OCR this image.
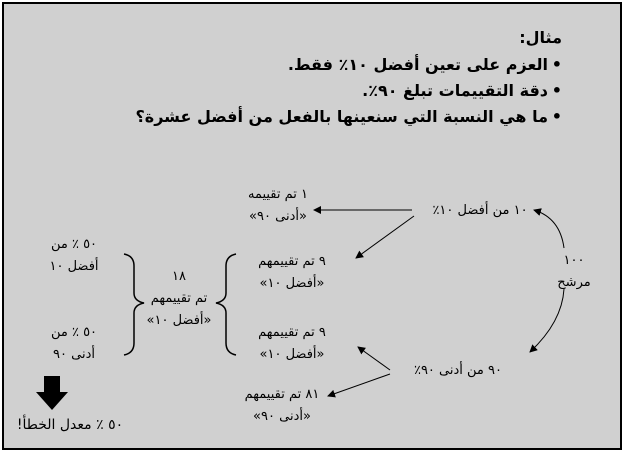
مثال:
•العزم على تعين أفضل ١٠٪ فقط.
•دقة التقييمات تبلغ ٩٠٪.
•ما هي النسبة التي سنعينها بالفعل من أفضل عشرة؟
١٠٠
مرشح
١٠ من أفضل ١٠٪
٩٠ من أدنى ٩٠٪
١ تم تقييمه
«أدنى ٩٠»
٩ تم تقييمهم
«أفضل ١٠»
٩ تم تقييمهم
«أفضل ١٠»
٨١ تم تقييمهم
«أدنى ٩٠»
١٨
تم تقييمهم
«أفضل ١٠»
٥٠ ٪ من
أفضل ١٠
٥٠ ٪ من
أدنى ٩٠
٥٠ ٪ معدل الخطأ!
